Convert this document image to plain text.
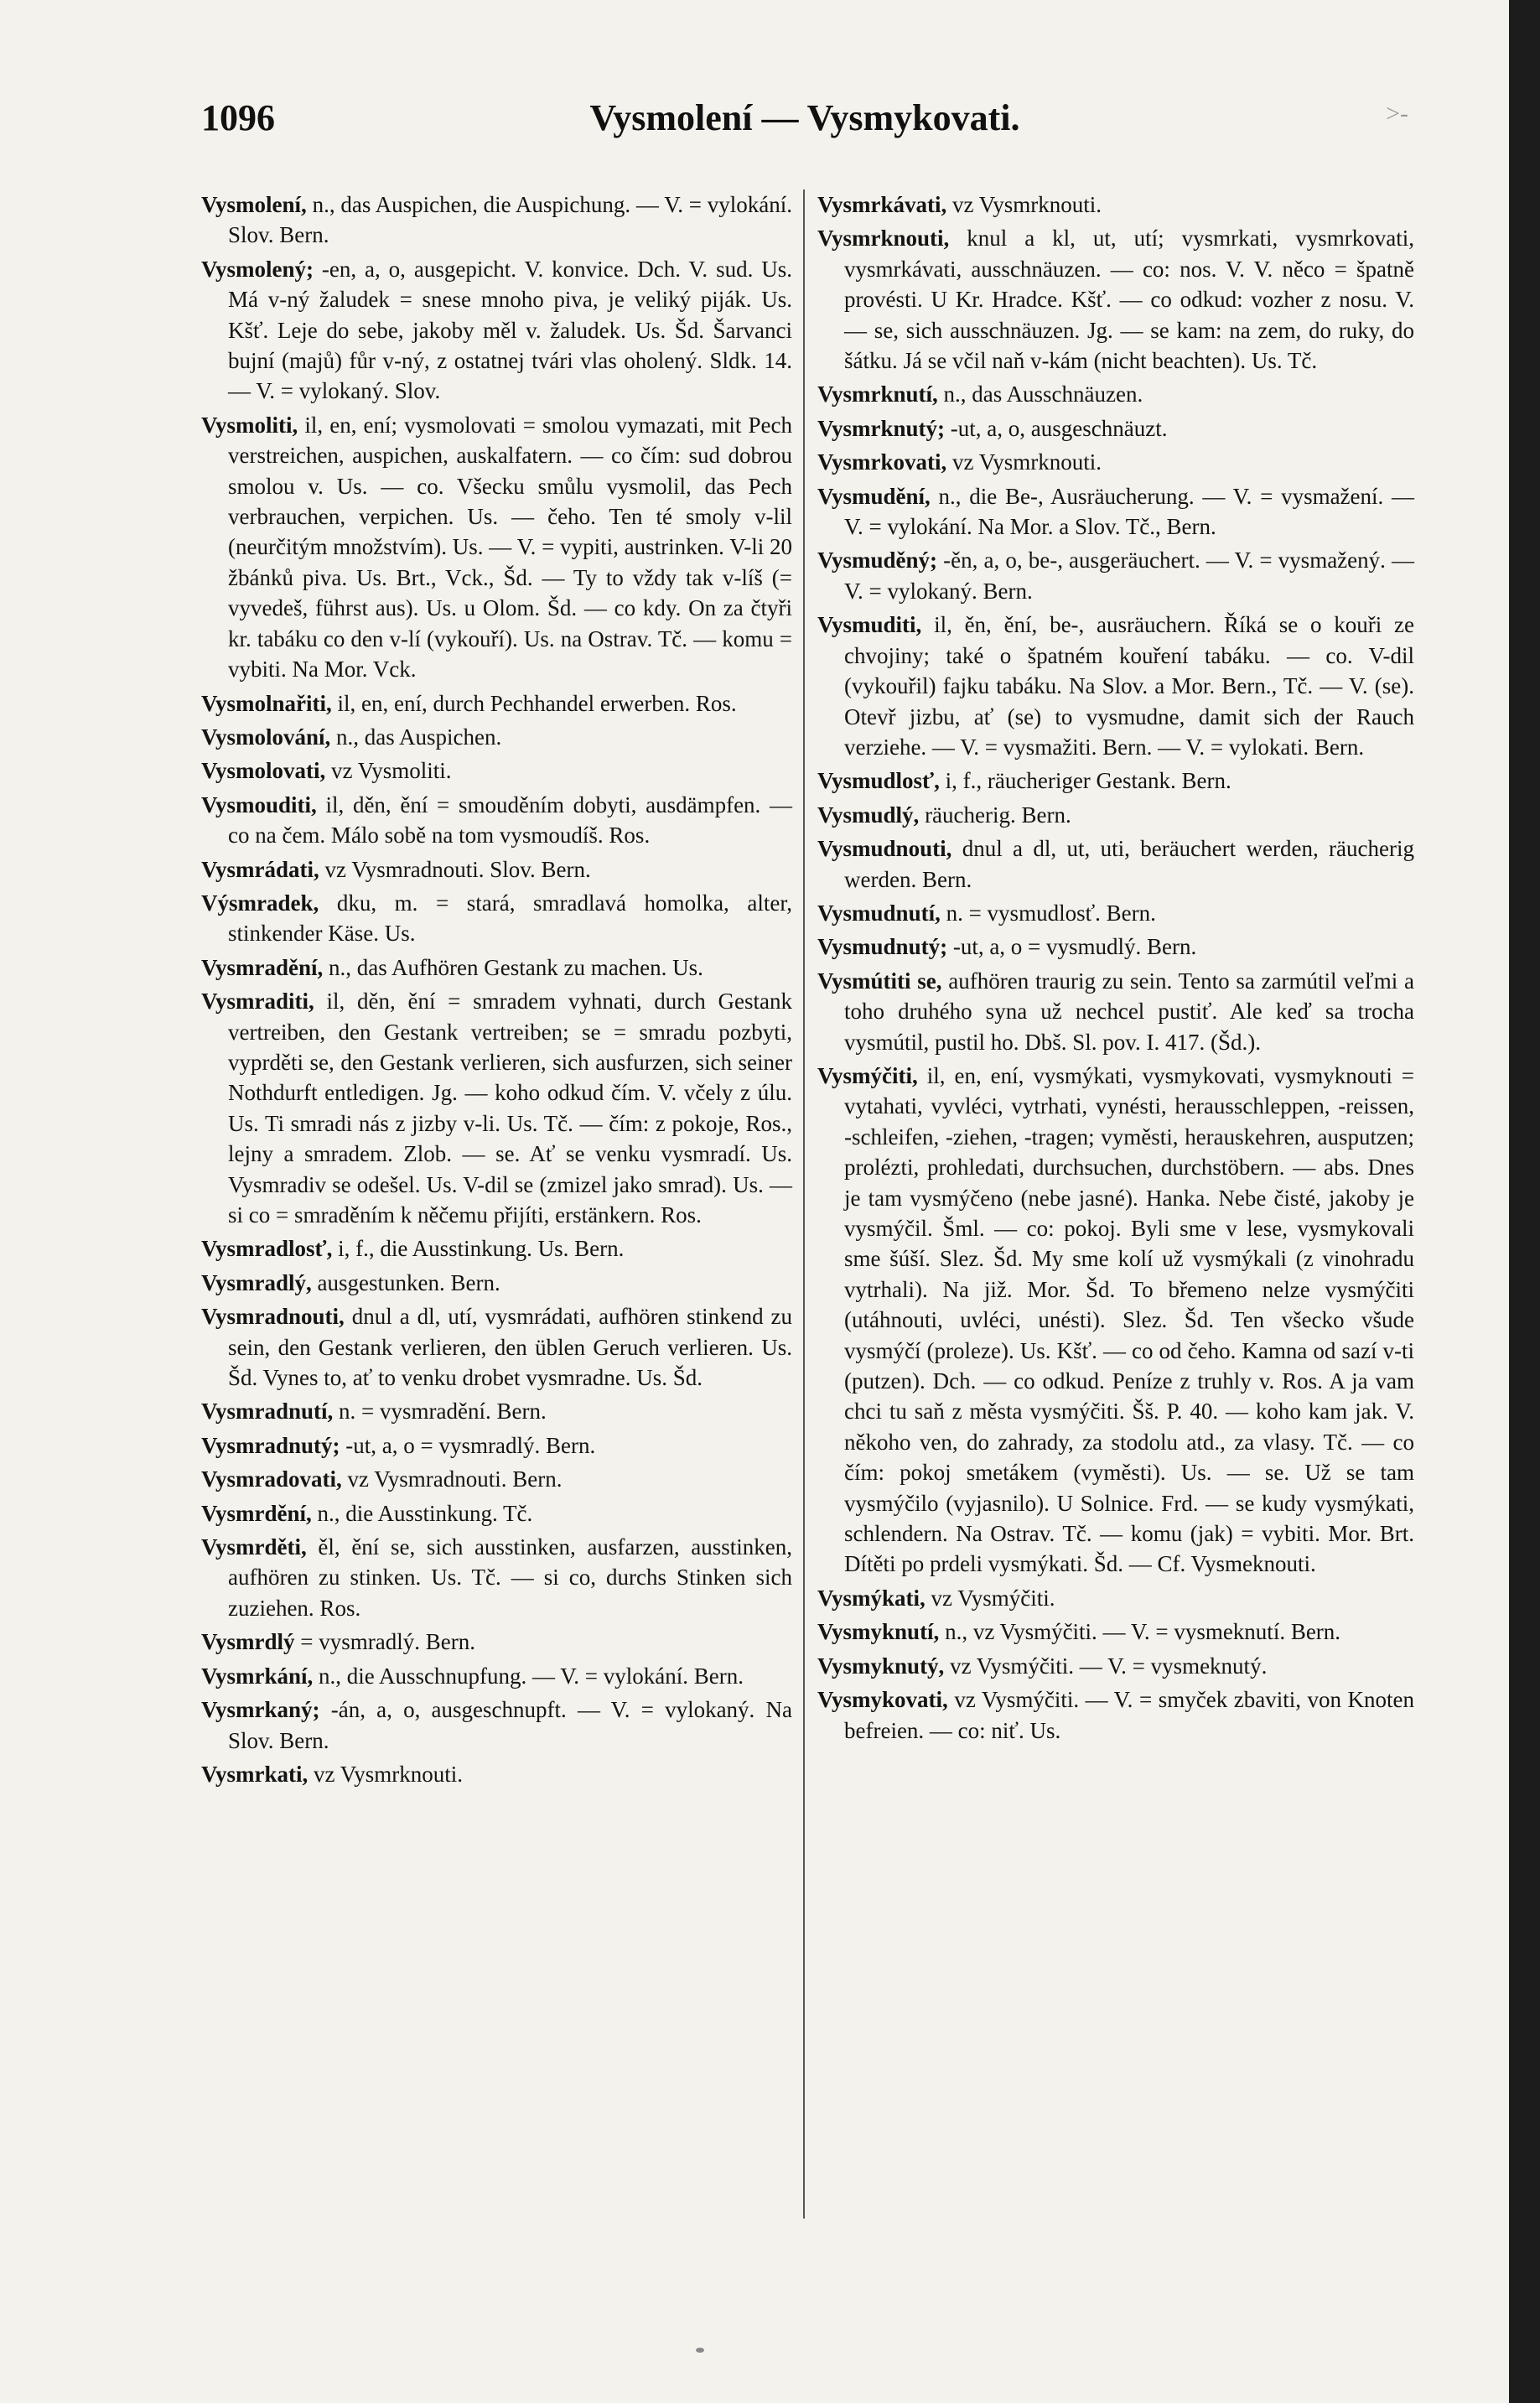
1096	Vysmolení — Vysmykovati.	>-

Vysmolení, n., das Auspichen, die Auspichung. — V. = vylokání. Slov. Bern.

Vysmolený; -en, a, o, ausgepicht. V. konvice. Dch. V. sud. Us. Má v-ný žaludek = snese mnoho piva, je veliký piják. Us. Kšť. Leje do sebe, jakoby měl v. žaludek. Us. Šd. Šarvanci bujní (majů) fůr v-ný, z ostatnej tvári vlas oholený. Sldk. 14. — V. = vylokaný. Slov.

Vysmoliti, il, en, ení; vysmolovati = smolou vymazati, mit Pech verstreichen, auspichen, auskalfatern. — co čím: sud dobrou smolou v. Us. — co. Všecku smůlu vysmolil, das Pech verbrauchen, verpichen. Us. — čeho. Ten té smoly v-lil (neurčitým množstvím). Us. — V. = vypiti, austrinken. V-li 20 žbánků piva. Us. Brt., Vck., Šd. — Ty to vždy tak v-líš (= vyvedeš, führst aus). Us. u Olom. Šd. — co kdy. On za čtyři kr. tabáku co den v-lí (vykouří). Us. na Ostrav. Tč. — komu = vybiti. Na Mor. Vck.

Vysmolnařiti, il, en, ení, durch Pechhandel erwerben. Ros.

Vysmolování, n., das Auspichen.

Vysmolovati, vz Vysmoliti.

Vysmouditi, il, děn, ění = smouděním dobyti, ausdämpfen. — co na čem. Málo sobě na tom vysmoudíš. Ros.

Vysmrádati, vz Vysmradnouti. Slov. Bern.

Výsmradek, dku, m. = stará, smradlavá homolka, alter, stinkender Käse. Us.

Vysmradění, n., das Aufhören Gestank zu machen. Us.

Vysmraditi, il, děn, ění = smradem vyhnati, durch Gestank vertreiben, den Gestank vertreiben; se = smradu pozbyti, vyprděti se, den Gestank verlieren, sich ausfurzen, sich seiner Nothdurft entledigen. Jg. — koho odkud čím. V. včely z úlu. Us. Ti smradi nás z jizby v-li. Us. Tč. — čím: z pokoje, Ros., lejny a smradem. Zlob. — se. Ať se venku vysmradí. Us. Vysmradiv se odešel. Us. V-dil se (zmizel jako smrad). Us. — si co = smraděním k něčemu přijíti, erstänkern. Ros.

Vysmradlosť, i, f., die Ausstinkung. Us. Bern.

Vysmradlý, ausgestunken. Bern.

Vysmradnouti, dnul a dl, utí, vysmrádati, aufhören stinkend zu sein, den Gestank verlieren, den üblen Geruch verlieren. Us. Šd. Vynes to, ať to venku drobet vysmradne. Us. Šd.

Vysmradnutí, n. = vysmradění. Bern.

Vysmradnutý; -ut, a, o = vysmradlý. Bern.

Vysmradovati, vz Vysmradnouti. Bern.

Vysmrdění, n., die Ausstinkung. Tč.

Vysmrděti, ěl, ění se, sich ausstinken, ausfarzen, ausstinken, aufhören zu stinken. Us. Tč. — si co, durchs Stinken sich zuziehen. Ros.

Vysmrdlý = vysmradlý. Bern.

Vysmrkání, n., die Ausschnupfung. — V. = vylokání. Bern.

Vysmrkaný; -án, a, o, ausgeschnupft. — V. = vylokaný. Na Slov. Bern.

Vysmrkati, vz Vysmrknouti.

Vysmrkávati, vz Vysmrknouti.

Vysmrknouti, knul a kl, ut, utí; vysmrkati, vysmrkovati, vysmrkávati, ausschnäuzen. — co: nos. V. V. něco = špatně provésti. U Kr. Hradce. Kšť. — co odkud: vozher z nosu. V. — se, sich ausschnäuzen. Jg. — se kam: na zem, do ruky, do šátku. Já se včil naň v-kám (nicht beachten). Us. Tč.

Vysmrknutí, n., das Ausschnäuzen.

Vysmrknutý; -ut, a, o, ausgeschnäuzt.

Vysmrkovati, vz Vysmrknouti.

Vysmudění, n., die Be-, Ausräucherung. — V. = vysmažení. — V. = vylokání. Na Mor. a Slov. Tč., Bern.

Vysmuděný; -ěn, a, o, be-, ausgeräuchert. — V. = vysmažený. — V. = vylokaný. Bern.

Vysmuditi, il, ěn, ění, be-, ausräuchern. Říká se o kouři ze chvojiny; také o špatném kouření tabáku. — co. V-dil (vykouřil) fajku tabáku. Na Slov. a Mor. Bern., Tč. — V. (se). Otevř jizbu, ať (se) to vysmudne, damit sich der Rauch verziehe. — V. = vysmažiti. Bern. — V. = vylokati. Bern.

Vysmudlosť, i, f., räucheriger Gestank. Bern.

Vysmudlý, räucherig. Bern.

Vysmudnouti, dnul a dl, ut, uti, beräuchert werden, räucherig werden. Bern.

Vysmudnutí, n. = vysmudlosť. Bern.

Vysmudnutý; -ut, a, o = vysmudlý. Bern.

Vysmútiti se, aufhören traurig zu sein. Tento sa zarmútil veľmi a toho druhého syna už nechcel pustiť. Ale keď sa trocha vysmútil, pustil ho. Dbš. Sl. pov. I. 417. (Šd.).

Vysmýčiti, il, en, ení, vysmýkati, vysmykovati, vysmyknouti = vytahati, vyvléci, vytrhati, vynésti, herausschleppen, -reissen, -schleifen, -ziehen, -tragen; vyměsti, herauskehren, ausputzen; prolézti, prohledati, durchsuchen, durchstöbern. — abs. Dnes je tam vysmýčeno (nebe jasné). Hanka. Nebe čisté, jakoby je vysmýčil. Šml. — co: pokoj. Byli sme v lese, vysmykovali sme šúší. Slez. Šd. My sme kolí už vysmýkali (z vinohradu vytrhali). Na již. Mor. Šd. To břemeno nelze vysmýčiti (utáhnouti, uvléci, unésti). Slez. Šd. Ten všecko všude vysmýčí (proleze). Us. Kšť. — co od čeho. Kamna od sazí v-ti (putzen). Dch. — co odkud. Peníze z truhly v. Ros. A ja vam chci tu saň z města vysmýčiti. Šš. P. 40. — koho kam jak. V. někoho ven, do zahrady, za stodolu atd., za vlasy. Tč. — co čím: pokoj smetákem (vyměsti). Us. — se. Už se tam vysmýčilo (vyjasnilo). U Solnice. Frd. — se kudy vysmýkati, schlendern. Na Ostrav. Tč. — komu (jak) = vybiti. Mor. Brt. Dítěti po prdeli vysmýkati. Šd. — Cf. Vysmeknouti.

Vysmýkati, vz Vysmýčiti.

Vysmyknutí, n., vz Vysmýčiti. — V. = vysmeknutí. Bern.

Vysmyknutý, vz Vysmýčiti. — V. = vysmeknutý.

Vysmykovati, vz Vysmýčiti. — V. = smyček zbaviti, von Knoten befreien. — co: niť. Us.
